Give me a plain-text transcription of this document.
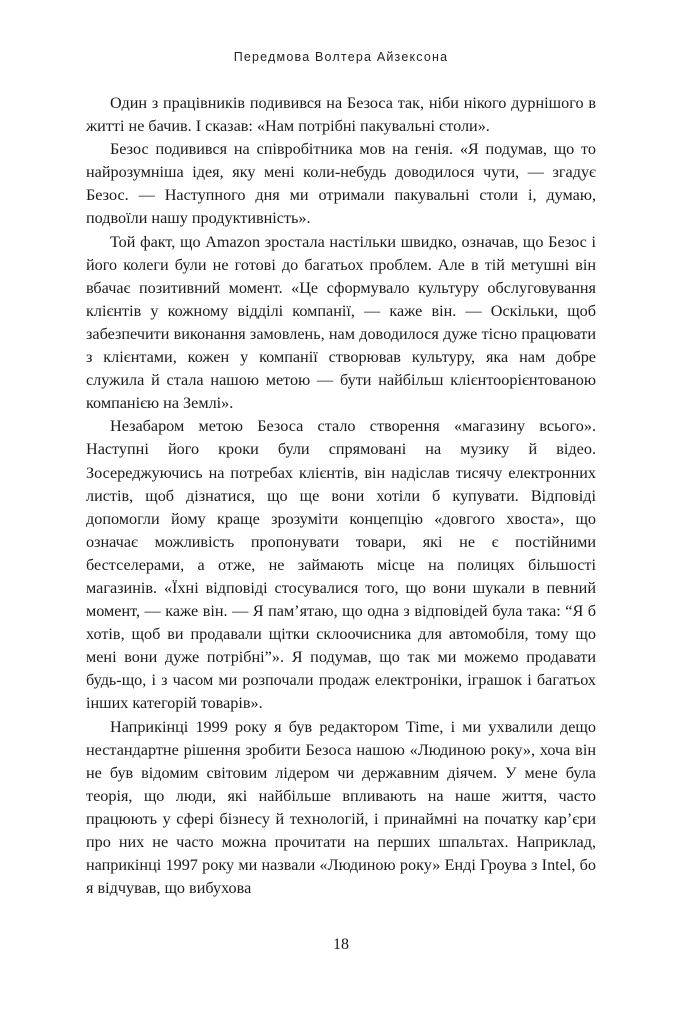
Передмова Волтера Айзексона

Один з працівників подивився на Безоса так, ніби нікого дурнішого в житті не бачив. І сказав: «Нам потрібні пакувальні столи».

Безос подивився на співробітника мов на генія. «Я подумав, що то найрозумніша ідея, яку мені коли-небудь доводилося чути, — згадує Безос. — Наступного дня ми отримали пакувальні столи і, думаю, подвоїли нашу продуктивність».

Той факт, що Amazon зростала настільки швидко, означав, що Безос і його колеги були не готові до багатьох проблем. Але в тій метушні він вбачає позитивний момент. «Це сформувало культуру обслуговування клієнтів у кожному відділі компанії, — каже він. — Оскільки, щоб забезпечити виконання замовлень, нам доводилося дуже тісно працювати з клієнтами, кожен у компанії створював культуру, яка нам добре служила й стала нашою метою — бути найбільш клієнтоорієнтованою компанією на Землі».

Незабаром метою Безоса стало створення «магазину всього». Наступні його кроки були спрямовані на музику й відео. Зосереджуючись на потребах клієнтів, він надіслав тисячу електронних листів, щоб дізнатися, що ще вони хотіли б купувати. Відповіді допомогли йому краще зрозуміти концепцію «довгого хвоста», що означає можливість пропонувати товари, які не є постійними бестселерами, а отже, не займають місце на полицях більшості магазинів. «Їхні відповіді стосувалися того, що вони шукали в певний момент, — каже він. — Я пам’ятаю, що одна з відповідей була така: “Я б хотів, щоб ви продавали щітки склоочисника для автомобіля, тому що мені вони дуже потрібні”». Я подумав, що так ми можемо продавати будь-що, і з часом ми розпочали продаж електроніки, іграшок і багатьох інших категорій товарів».

Наприкінці 1999 року я був редактором Time, і ми ухвалили дещо нестандартне рішення зробити Безоса нашою «Людиною року», хоча він не був відомим світовим лідером чи державним діячем. У мене була теорія, що люди, які найбільше впливають на наше життя, часто працюють у сфері бізнесу й технологій, і принаймні на початку кар’єри про них не часто можна прочитати на перших шпальтах. Наприклад, наприкінці 1997 року ми назвали «Людиною року» Енді Гроува з Intel, бо я відчував, що вибухова

18
